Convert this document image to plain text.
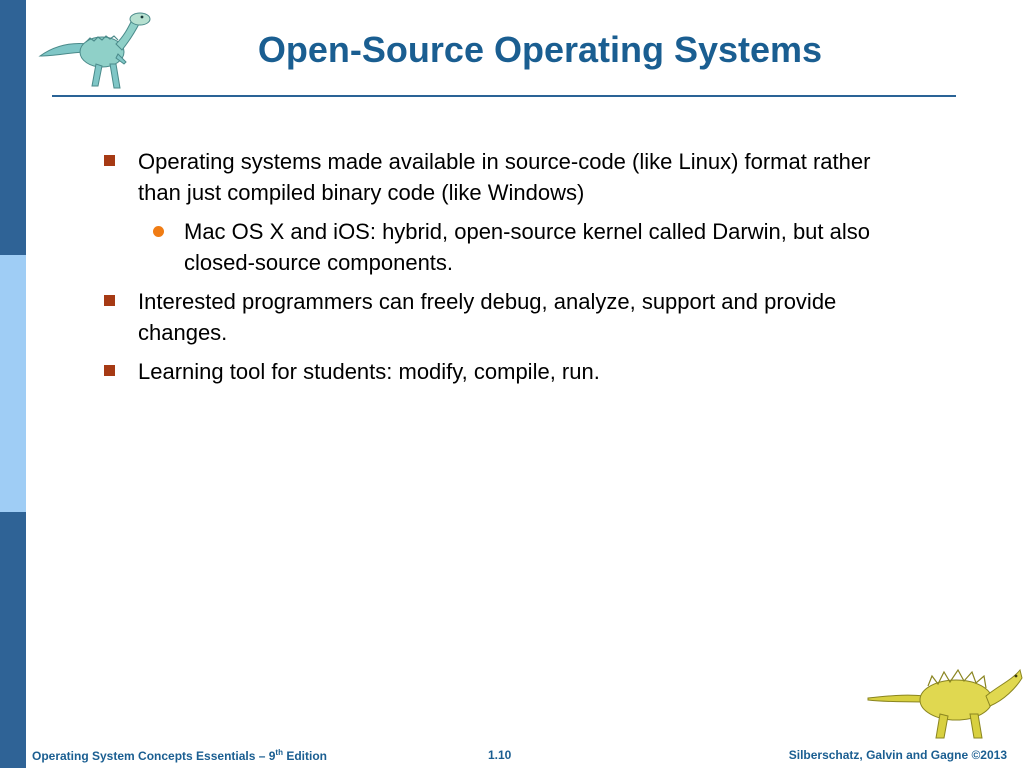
Open-Source Operating Systems
Operating systems made available in source-code (like Linux) format rather than just compiled binary code (like Windows)
Mac OS X and iOS: hybrid, open-source kernel called Darwin, but also closed-source components.
Interested programmers can freely debug, analyze, support and provide changes.
Learning tool for students: modify, compile, run.
Operating System Concepts Essentials – 9th Edition	1.10	Silberschatz, Galvin and Gagne ©2013
